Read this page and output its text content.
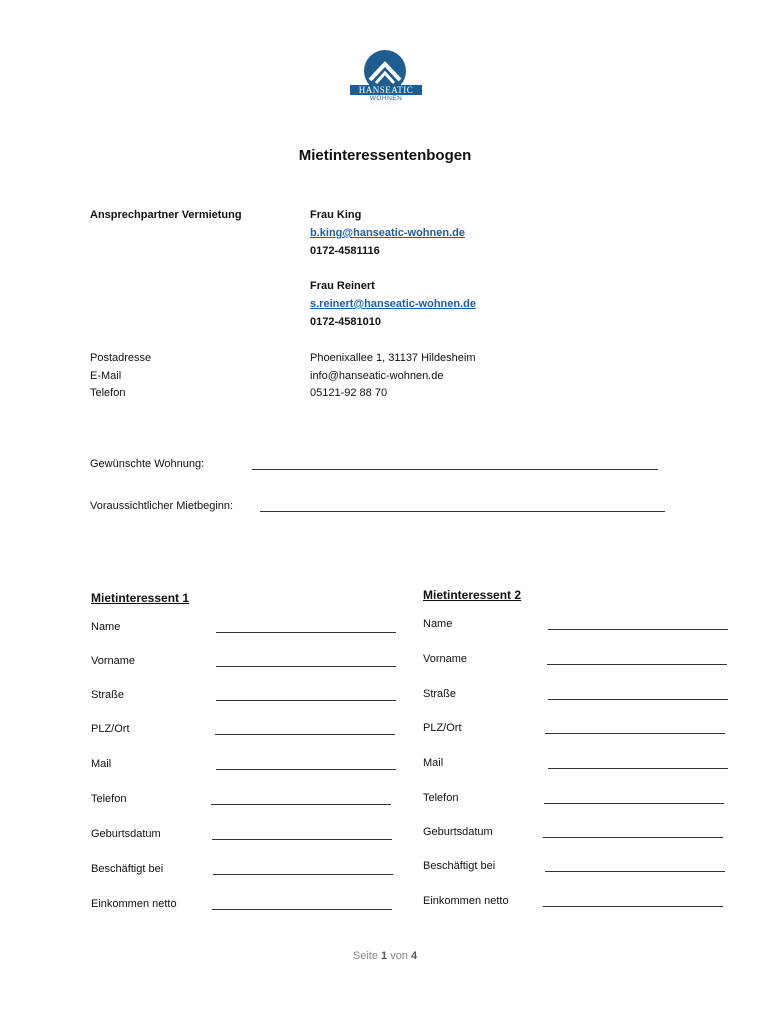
HANSEATIC
WOHNEN
Mietinteressentenbogen
Ansprechpartner Vermietung	Frau King
b.king@hanseatic-wohnen.de
0172-4581116
Frau Reinert
s.reinert@hanseatic-wohnen.de
0172-4581010
Postadresse	Phoenixallee 1, 31137 Hildesheim
E-Mail	info@hanseatic-wohnen.de
Telefon	05121-92 88 70
Gewünschte Wohnung:
Voraussichtlicher Mietbeginn:
Mietinteressent 1
Name
Vorname
Straße
PLZ/Ort
Mail
Telefon
Geburtsdatum
Beschäftigt bei
Einkommen netto
Mietinteressent 2
Name
Vorname
Straße
PLZ/Ort
Mail
Telefon
Geburtsdatum
Beschäftigt bei
Einkommen netto
Seite 1 von 4
